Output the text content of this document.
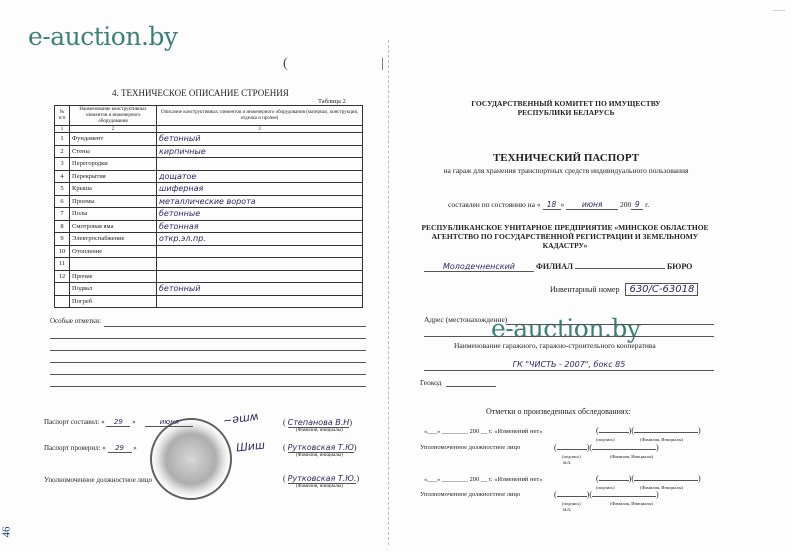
(	|
—
e-auction.by
e-auction.by
4. ТЕХНИЧЕСКОЕ ОПИСАНИЕ СТРОЕНИЯ
Таблица 2
№ п/п	Наименование конструктивных элементов и инженерного оборудования	Описание конструктивных элементов и инженерного оборудования (материал, конструкция, отделка и прочее)
1	2	3
1	Фундамент	бетонный
2	Стены	кирпичные
3	Перегородки	
4	Перекрытия	дощатое
5	Крыша	шиферная
6	Проемы	металлические ворота
7	Полы	бетонные
8	Смотровая яма	бетонная
9	Электроснабжение	откр.эл.пр.
10	Отопление	
11		
12	Прочие	
	Подвал	бетонный
	Погреб	
Особые отметки:
Паспорт составил: « 29 »	июня	~ǝɯʍ	( Степанова В.Н)
(Фамилия, инициалы)
Паспорт проверил: « 29 »	Шиш ( Рутковская Т.Ю)
(Фамилия, инициалы)
Уполномоченное должностное лицо	( Рутковская Т.Ю.)
(Фамилия, инициалы)
46
ГОСУДАРСТВЕННЫЙ КОМИТЕТ ПО ИМУЩЕСТВУ РЕСПУБЛИКИ БЕЛАРУСЬ
ТЕХНИЧЕСКИЙ ПАСПОРТ
на гараж для хранения транспортных средств индивидуального пользования
составлен по состоянию на « 18 » июня 200 9 г.
РЕСПУБЛИКАНСКОЕ УНИТАРНОЕ ПРЕДПРИЯТИЕ «МИНСКОЕ ОБЛАСТНОЕ АГЕНТСТВО ПО ГОСУДАРСТВЕННОЙ РЕГИСТРАЦИИ И ЗЕМЕЛЬНОМУ КАДАСТРУ»
Молодечненский	ФИЛИАЛ	БЮРО
Инвентарный номер 630/С-63018
Адрес (местонахождение)
Наименование гаражного, гаражно-строительного кооператива
ГК "ЧИСТЬ - 2007", бокс 85
Геокод
Отметки о произведенных обследованиях:
«___» ________ 200 __ г. «Изменений нет»	(	)(	)
(подпись)	(Фамилия, Инициалы)
Уполномоченное должностное лицо	(	)(	)
(подпись)	(Фамилия, Инициалы)
м.п.
«___» ________ 200 __ г. «Изменений нет»	(	)(	)
(подпись)	(Фамилия, Инициалы)
Уполномоченное должностное лицо	(	)(	)
(подпись)	(Фамилия, Инициалы)
м.п.
